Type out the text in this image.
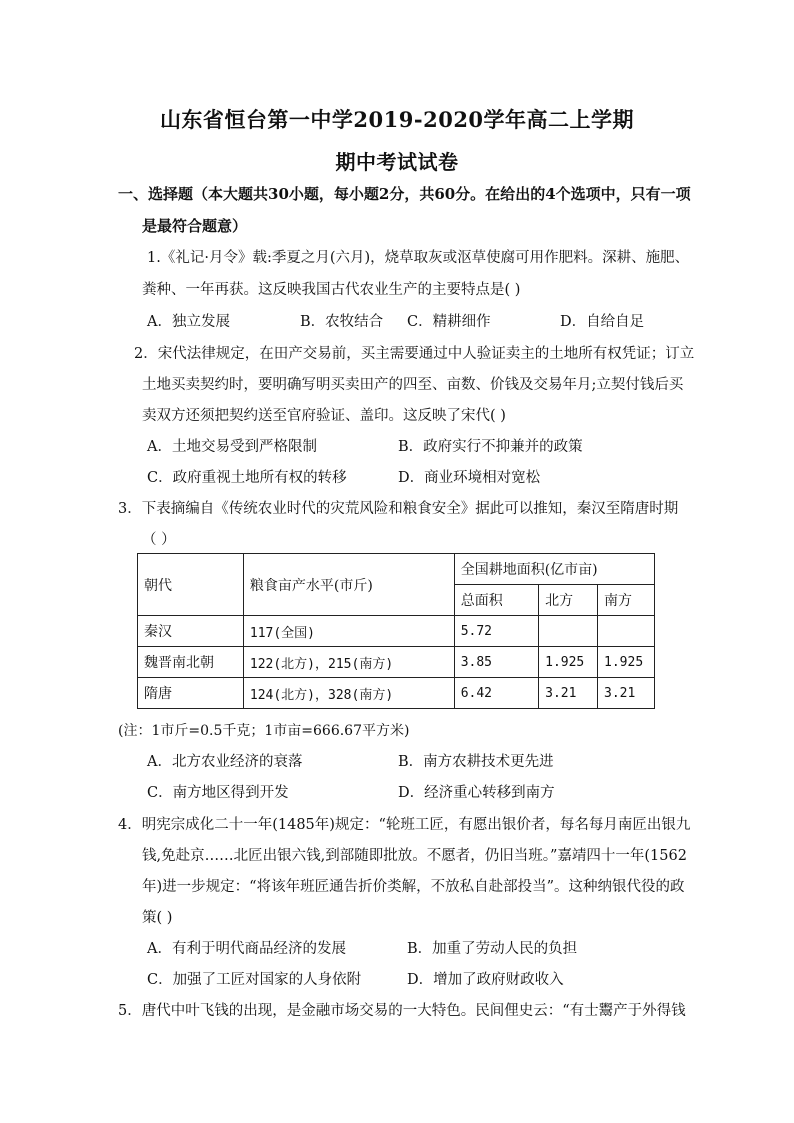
山东省恒台第一中学2019-2020学年高二上学期
期中考试试卷
一、选择题（本大题共30小题，每小题2分，共60分。在给出的4个选项中，只有一项
是最符合题意）
1.《礼记·月令》载:季夏之月(六月)，烧草取灰或沤草使腐可用作肥料。深耕、施肥、
粪种、一年再获。这反映我国古代农业生产的主要特点是( )
A．独立发展	B．农牧结合 C．精耕细作	D．自给自足
2．宋代法律规定，在田产交易前，买主需要通过中人验证卖主的土地所有权凭证；订立
土地买卖契约时，要明确写明买卖田产的四至、亩数、价钱及交易年月;立契付钱后买
卖双方还须把契约送至官府验证、盖印。这反映了宋代( )
A．土地交易受到严格限制	B．政府实行不抑兼并的政策
C．政府重视土地所有权的转移	D．商业环境相对宽松
3．下表摘编自《传统农业时代的灾荒风险和粮食安全》据此可以推知，秦汉至隋唐时期
（ ）
朝代	粮食亩产水平(市斤)	全国耕地面积(亿市亩)		
		总面积	北方	南方
秦汉	117(全国)	5.72		
魏晋南北朝	122(北方)，215(南方)	3.85	1.925	1.925
隋唐	124(北方)，328(南方)	6.42	3.21	3.21
(注：1市斤=0.5千克；1市亩=666.67平方米)
A．北方农业经济的衰落	B．南方农耕技术更先进
C．南方地区得到开发	D．经济重心转移到南方
4．明宪宗成化二十一年(1485年)规定：“轮班工匠，有愿出银价者，每名每月南匠出银九
钱,免赴京……北匠出银六钱,到部随即批放。不愿者，仍旧当班。”嘉靖四十一年(1562
年)进一步规定：“将该年班匠通告折价类解，不放私自赴部投当”。这种纳银代役的政
策( )
A．有利于明代商品经济的发展	B．加重了劳动人民的负担
C．加强了工匠对国家的人身依附	D．增加了政府财政收入
5．唐代中叶飞钱的出现，是金融市场交易的一大特色。民间俚史云：“有士鬻产于外得钱
